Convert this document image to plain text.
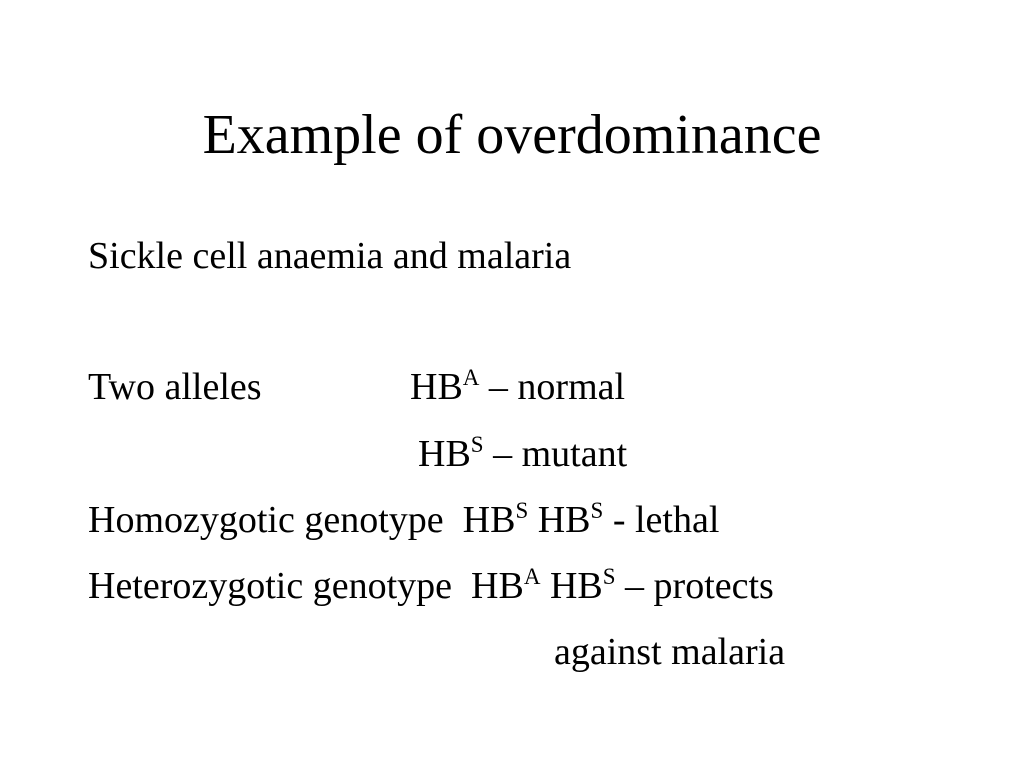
Example of overdominance
Sickle cell anaemia and malaria
Two alleles	$HB^A$ – normal
$HB^S$ – mutant
Homozygotic genotype  $HB^S$ $HB^S$ - lethal
Heterozygotic genotype  $HB^A$ $HB^S$ – protects
against malaria
